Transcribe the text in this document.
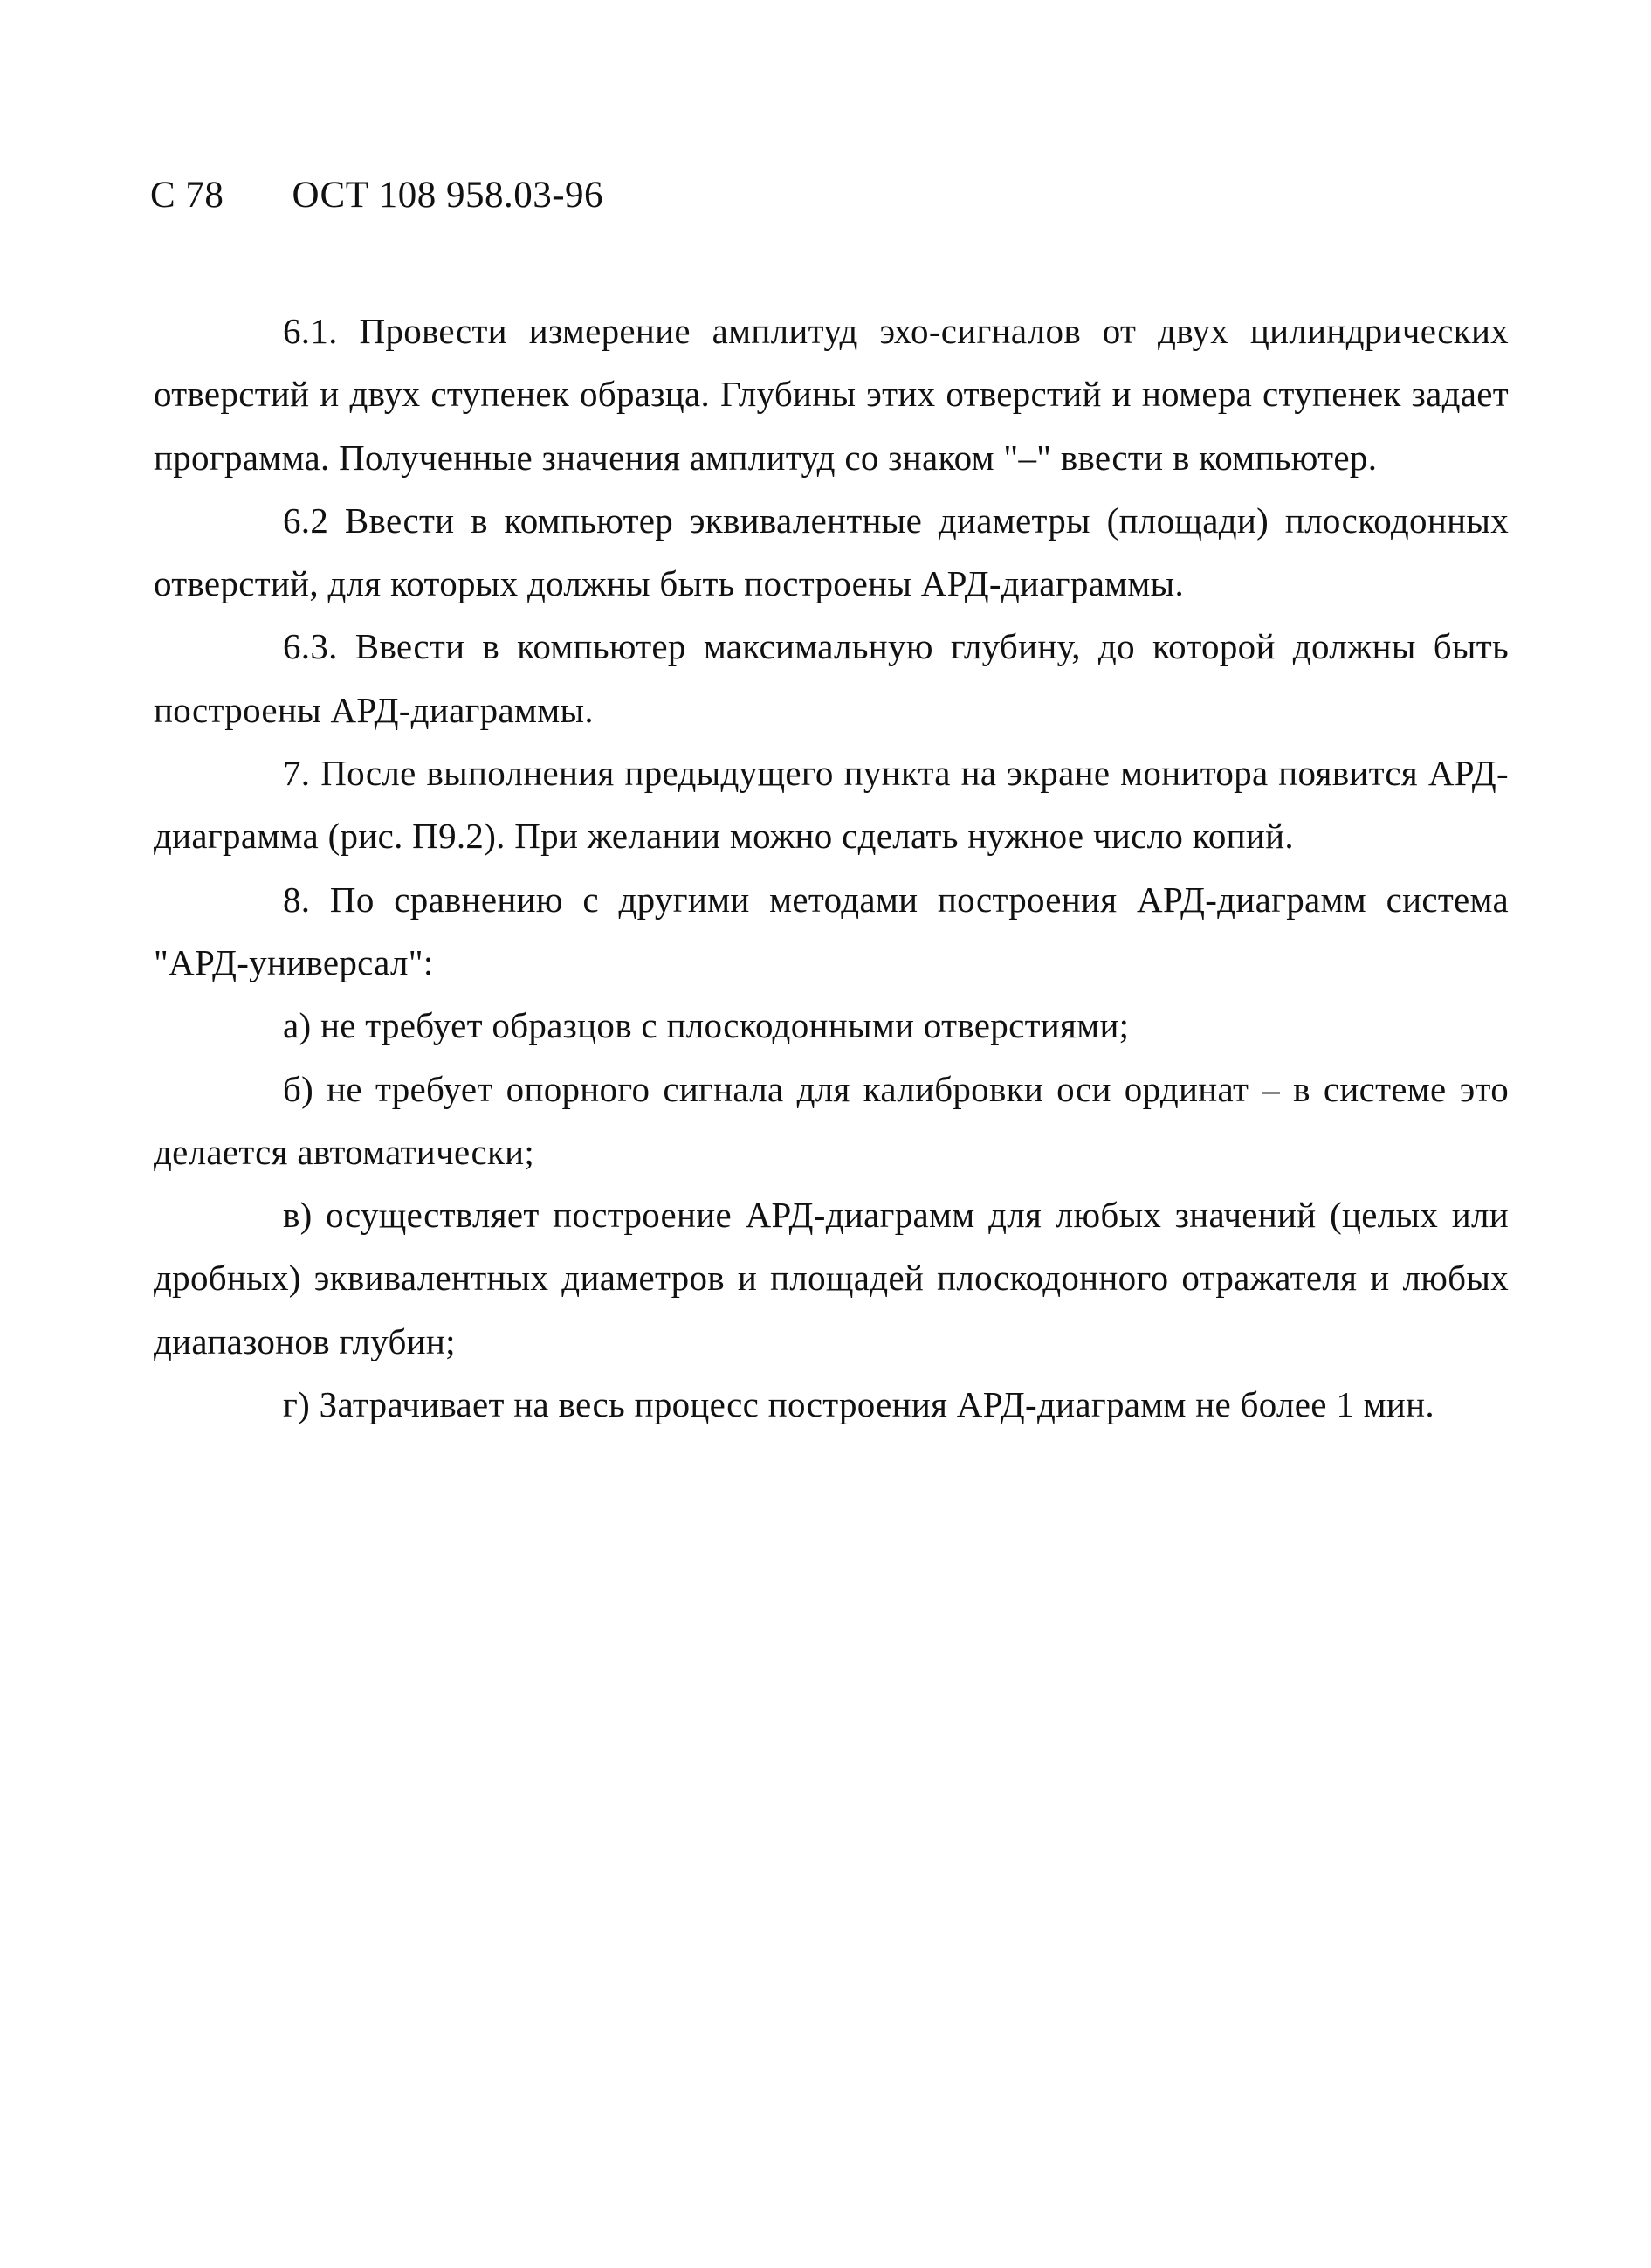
С 78 ОСТ 108 958.03-96

6.1. Провести измерение амплитуд эхо-сигналов от двух цилиндрических отверстий и двух ступенек образца. Глубины этих отверстий и номера ступенек задает программа. Полученные значения амплитуд со знаком "–" ввести в компьютер.

6.2 Ввести в компьютер эквивалентные диаметры (площади) плоскодонных отверстий, для которых должны быть построены АРД-диаграммы.

6.3. Ввести в компьютер максимальную глубину, до которой должны быть построены АРД-диаграммы.

7. После выполнения предыдущего пункта на экране монитора появится АРД-диаграмма (рис. П9.2). При желании можно сделать нужное число копий.

8. По сравнению с другими методами построения АРД-диаграмм система "АРД-универсал":

а) не требует образцов с плоскодонными отверстиями;

б) не требует опорного сигнала для калибровки оси ординат – в системе это делается автоматически;

в) осуществляет построение АРД-диаграмм для любых значений (целых или дробных) эквивалентных диаметров и площадей плоскодонного отражателя и любых диапазонов глубин;

г) Затрачивает на весь процесс построения АРД-диаграмм не более 1 мин.
